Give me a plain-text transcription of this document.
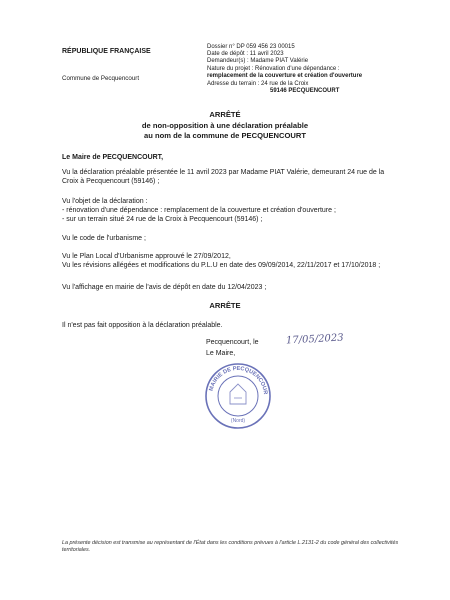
RÉPUBLIQUE FRANÇAISE
Commune de Pecquencourt
Dossier n° DP 059 456 23 00015
Date de dépôt : 11 avril 2023
Demandeur(s) : Madame PIAT Valérie
Nature du projet : Rénovation d'une dépendance :
remplacement de la couverture et création d'ouverture
Adresse du terrain : 24 rue de la Croix
59146 PECQUENCOURT
ARRÊTÉ
de non-opposition à une déclaration préalable
au nom de la commune de PECQUENCOURT
Le Maire de PECQUENCOURT,
Vu la déclaration préalable présentée le 11 avril 2023 par Madame PIAT Valérie, demeurant 24 rue de la Croix à Pecquencourt (59146) ;
Vu l'objet de la déclaration :
- rénovation d'une dépendance : remplacement de la couverture et création d'ouverture ;
- sur un terrain situé 24 rue de la Croix à Pecquencourt (59146) ;
Vu le code de l'urbanisme ;
Vu le Plan Local d'Urbanisme approuvé le 27/09/2012,
Vu les révisions allégées et modifications du P.L.U en date des 09/09/2014, 22/11/2017 et 17/10/2018 ;
Vu l'affichage en mairie de l'avis de dépôt en date du 12/04/2023 ;
ARRÊTE
Il n'est pas fait opposition à la déclaration préalable.
Pecquencourt, le	17/05/2023
Le Maire,
MAIRIE DE PECQUENCOUR
(Nord)
La présente décision est transmise au représentant de l'État dans les conditions prévues à l'article L.2131-2 du code général des collectivités territoriales.
